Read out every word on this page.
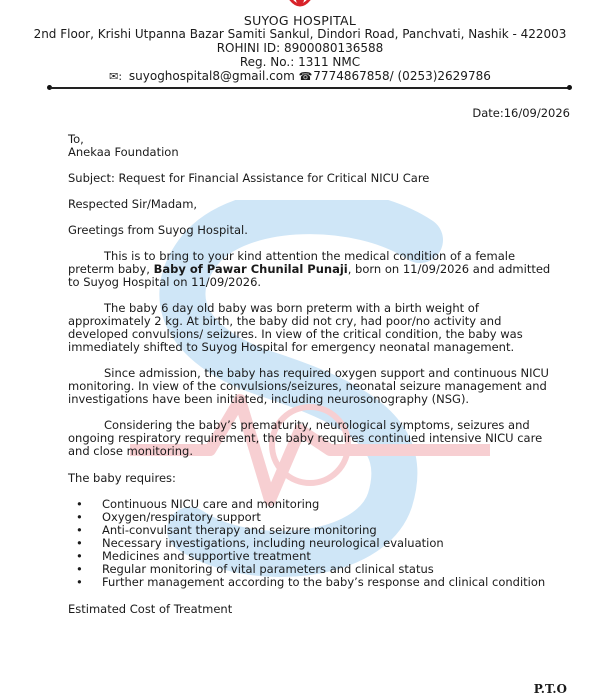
SUYOG HOSPITAL
2nd Floor, Krishi Utpanna Bazar Samiti Sankul, Dindori Road, Panchvati, Nashik - 422003
ROHINI ID: 8900080136588
Reg. No.: 1311 NMC
✉: suyoghospital8@gmail.com ☎7774867858/ (0253)2629786
Date:16/09/2026
To,
Anekaa Foundation
Subject: Request for Financial Assistance for Critical NICU Care
Respected Sir/Madam,
Greetings from Suyog Hospital.
This is to bring to your kind attention the medical condition of a female preterm baby, Baby of Pawar Chunilal Punaji, born on 11/09/2026 and admitted to Suyog Hospital on 11/09/2026.
The baby 6 day old baby was born preterm with a birth weight of approximately 2 kg. At birth, the baby did not cry, had poor/no activity and developed convulsions/ seizures. In view of the critical condition, the baby was immediately shifted to Suyog Hospital for emergency neonatal management.
Since admission, the baby has required oxygen support and continuous NICU monitoring. In view of the convulsions/seizures, neonatal seizure management and investigations have been initiated, including neurosonography (NSG).
Considering the baby’s prematurity, neurological symptoms, seizures and ongoing respiratory requirement, the baby requires continued intensive NICU care and close monitoring.
The baby requires:
• Continuous NICU care and monitoring
• Oxygen/respiratory support
• Anti-convulsant therapy and seizure monitoring
• Necessary investigations, including neurological evaluation
• Medicines and supportive treatment
• Regular monitoring of vital parameters and clinical status
• Further management according to the baby’s response and clinical condition
Estimated Cost of Treatment
P.T.O
